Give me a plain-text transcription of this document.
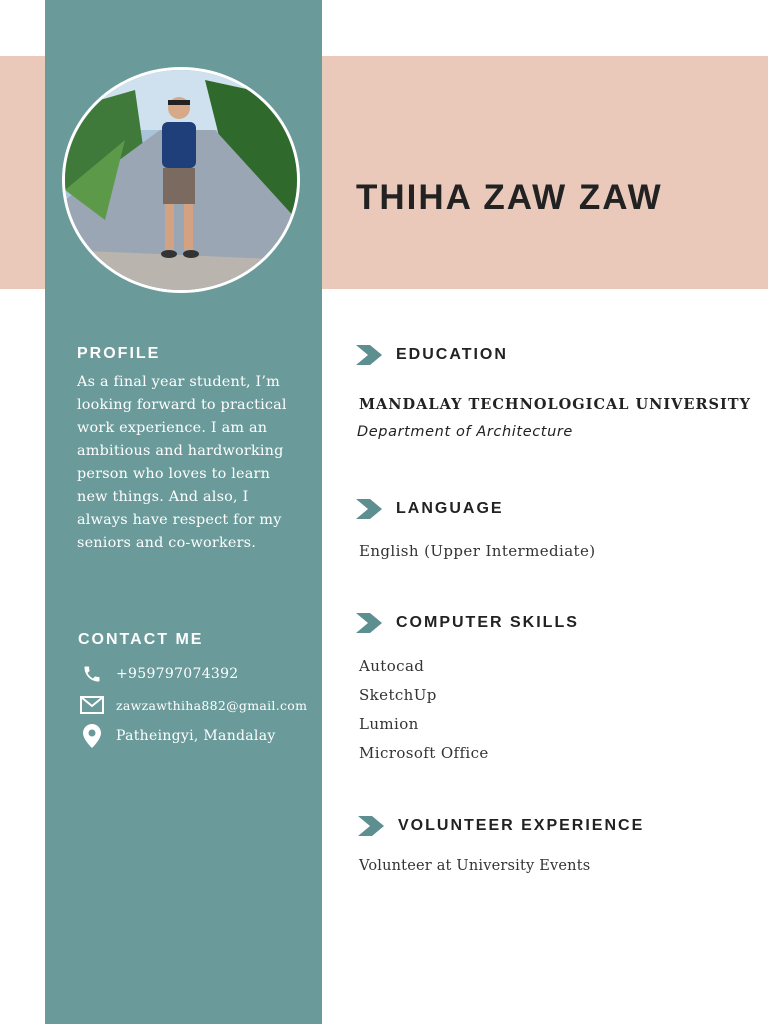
THIHA ZAW ZAW
PROFILE
As a final year student, I’m looking forward to practical work experience. I am an ambitious and hardworking person who loves to learn new things. And also, I always have respect for my seniors and co-workers.
CONTACT ME
+959797074392
zawzawthiha882@gmail.com
Patheingyi, Mandalay
EDUCATION
MANDALAY TECHNOLOGICAL UNIVERSITY
Department of Architecture
LANGUAGE
English (Upper Intermediate)
COMPUTER SKILLS
Autocad
SketchUp
Lumion
Microsoft Office
VOLUNTEER EXPERIENCE
Volunteer at University Events
